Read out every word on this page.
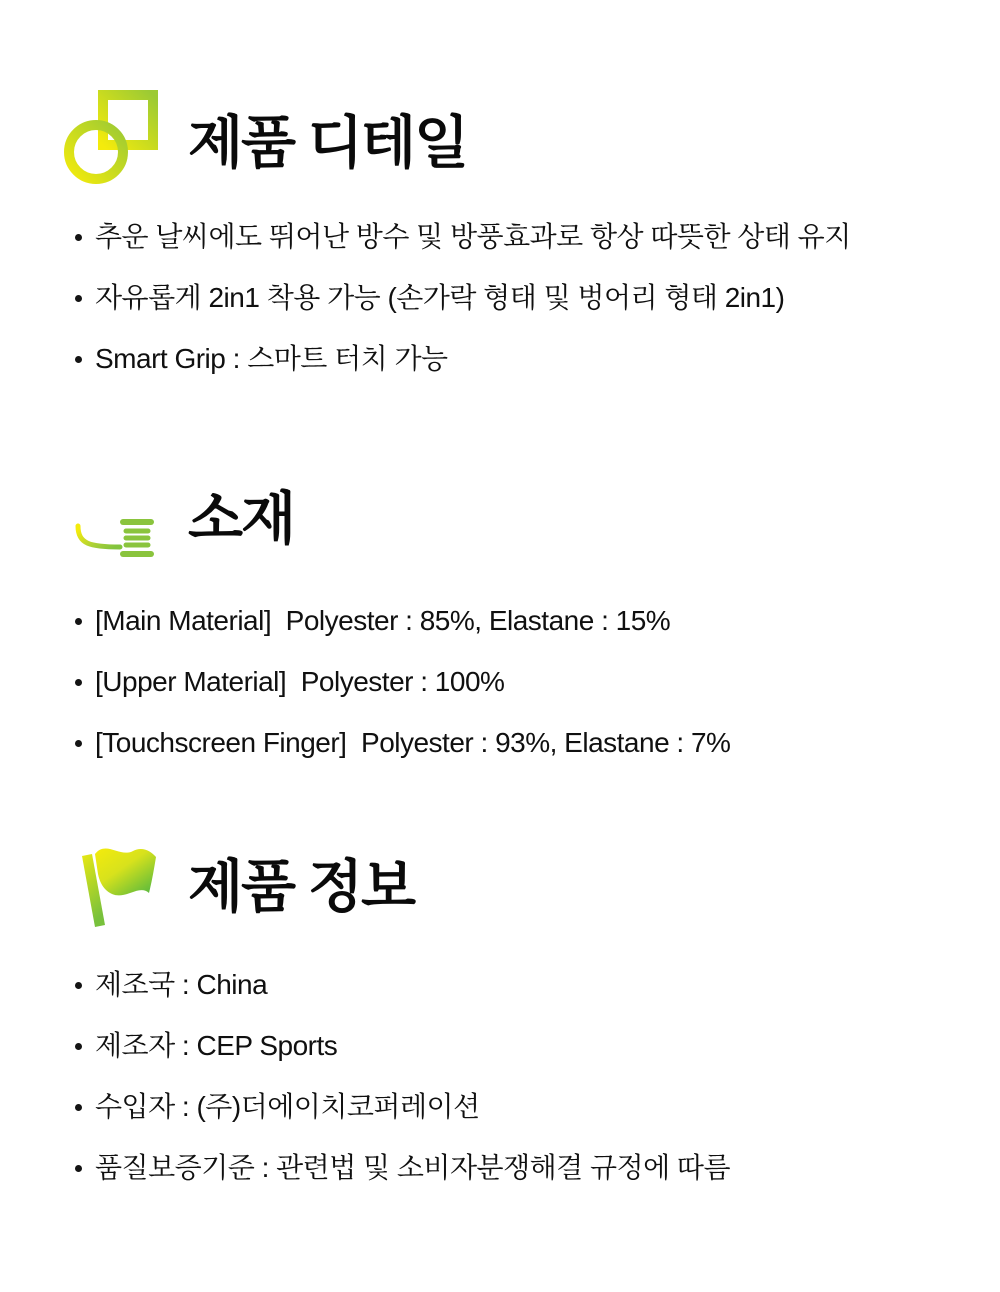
제품 디테일
추운 날씨에도 뛰어난 방수 및 방풍효과로 항상 따뜻한 상태 유지
자유롭게 2in1 착용 가능 (손가락 형태 및 벙어리 형태 2in1)
Smart Grip : 스마트 터치 가능
소재
[Main Material]  Polyester : 85%, Elastane : 15%
[Upper Material]  Polyester : 100%
[Touchscreen Finger]  Polyester : 93%, Elastane : 7%
제품 정보
제조국 : China
제조자 : CEP Sports
수입자 : (주)더에이치코퍼레이션
품질보증기준 : 관련법 및 소비자분쟁해결 규정에 따름
